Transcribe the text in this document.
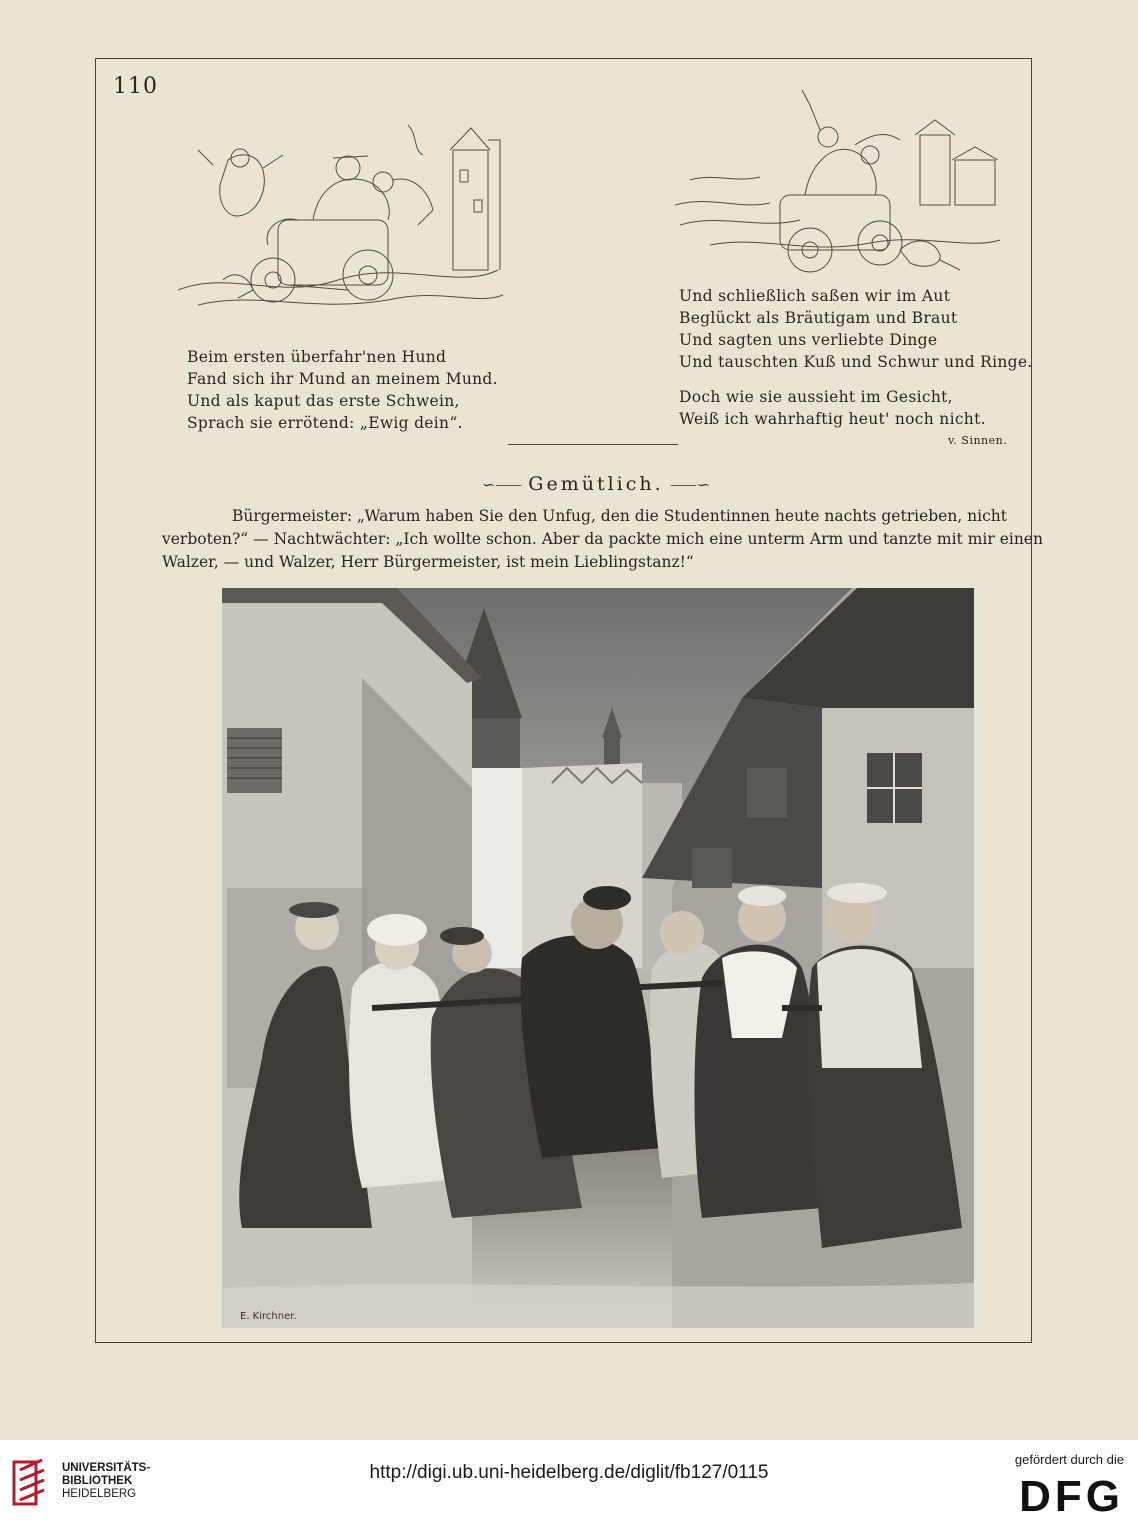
110
Beim ersten überfahr'nen Hund
Fand sich ihr Mund an meinem Mund.
Und als kaput das erste Schwein,
Sprach sie errötend: „Ewig dein“.
Und schließlich saßen wir im Aut
Beglückt als Bräutigam und Braut
Und sagten uns verliebte Dinge
Und tauschten Kuß und Schwur und Ringe.
Doch wie sie aussieht im Gesicht,
Weiß ich wahrhaftig heut' noch nicht.
v. Sinnen.
∽⸺ Gemütlich. ⸺∽
Bürgermeister: „Warum haben Sie den Unfug, den die Studentinnen heute nachts getrieben, nicht
verboten?“ — Nachtwächter: „Ich wollte schon. Aber da packte mich eine unterm Arm und tanzte mit mir einen
Walzer, — und Walzer, Herr Bürgermeister, ist mein Lieblingstanz!“
E. Kirchner.
UNIVERSITÄTS-
BIBLIOTHEK
HEIDELBERG
http://digi.ub.uni-heidelberg.de/diglit/fb127/0115
gefördert durch die
DFG
